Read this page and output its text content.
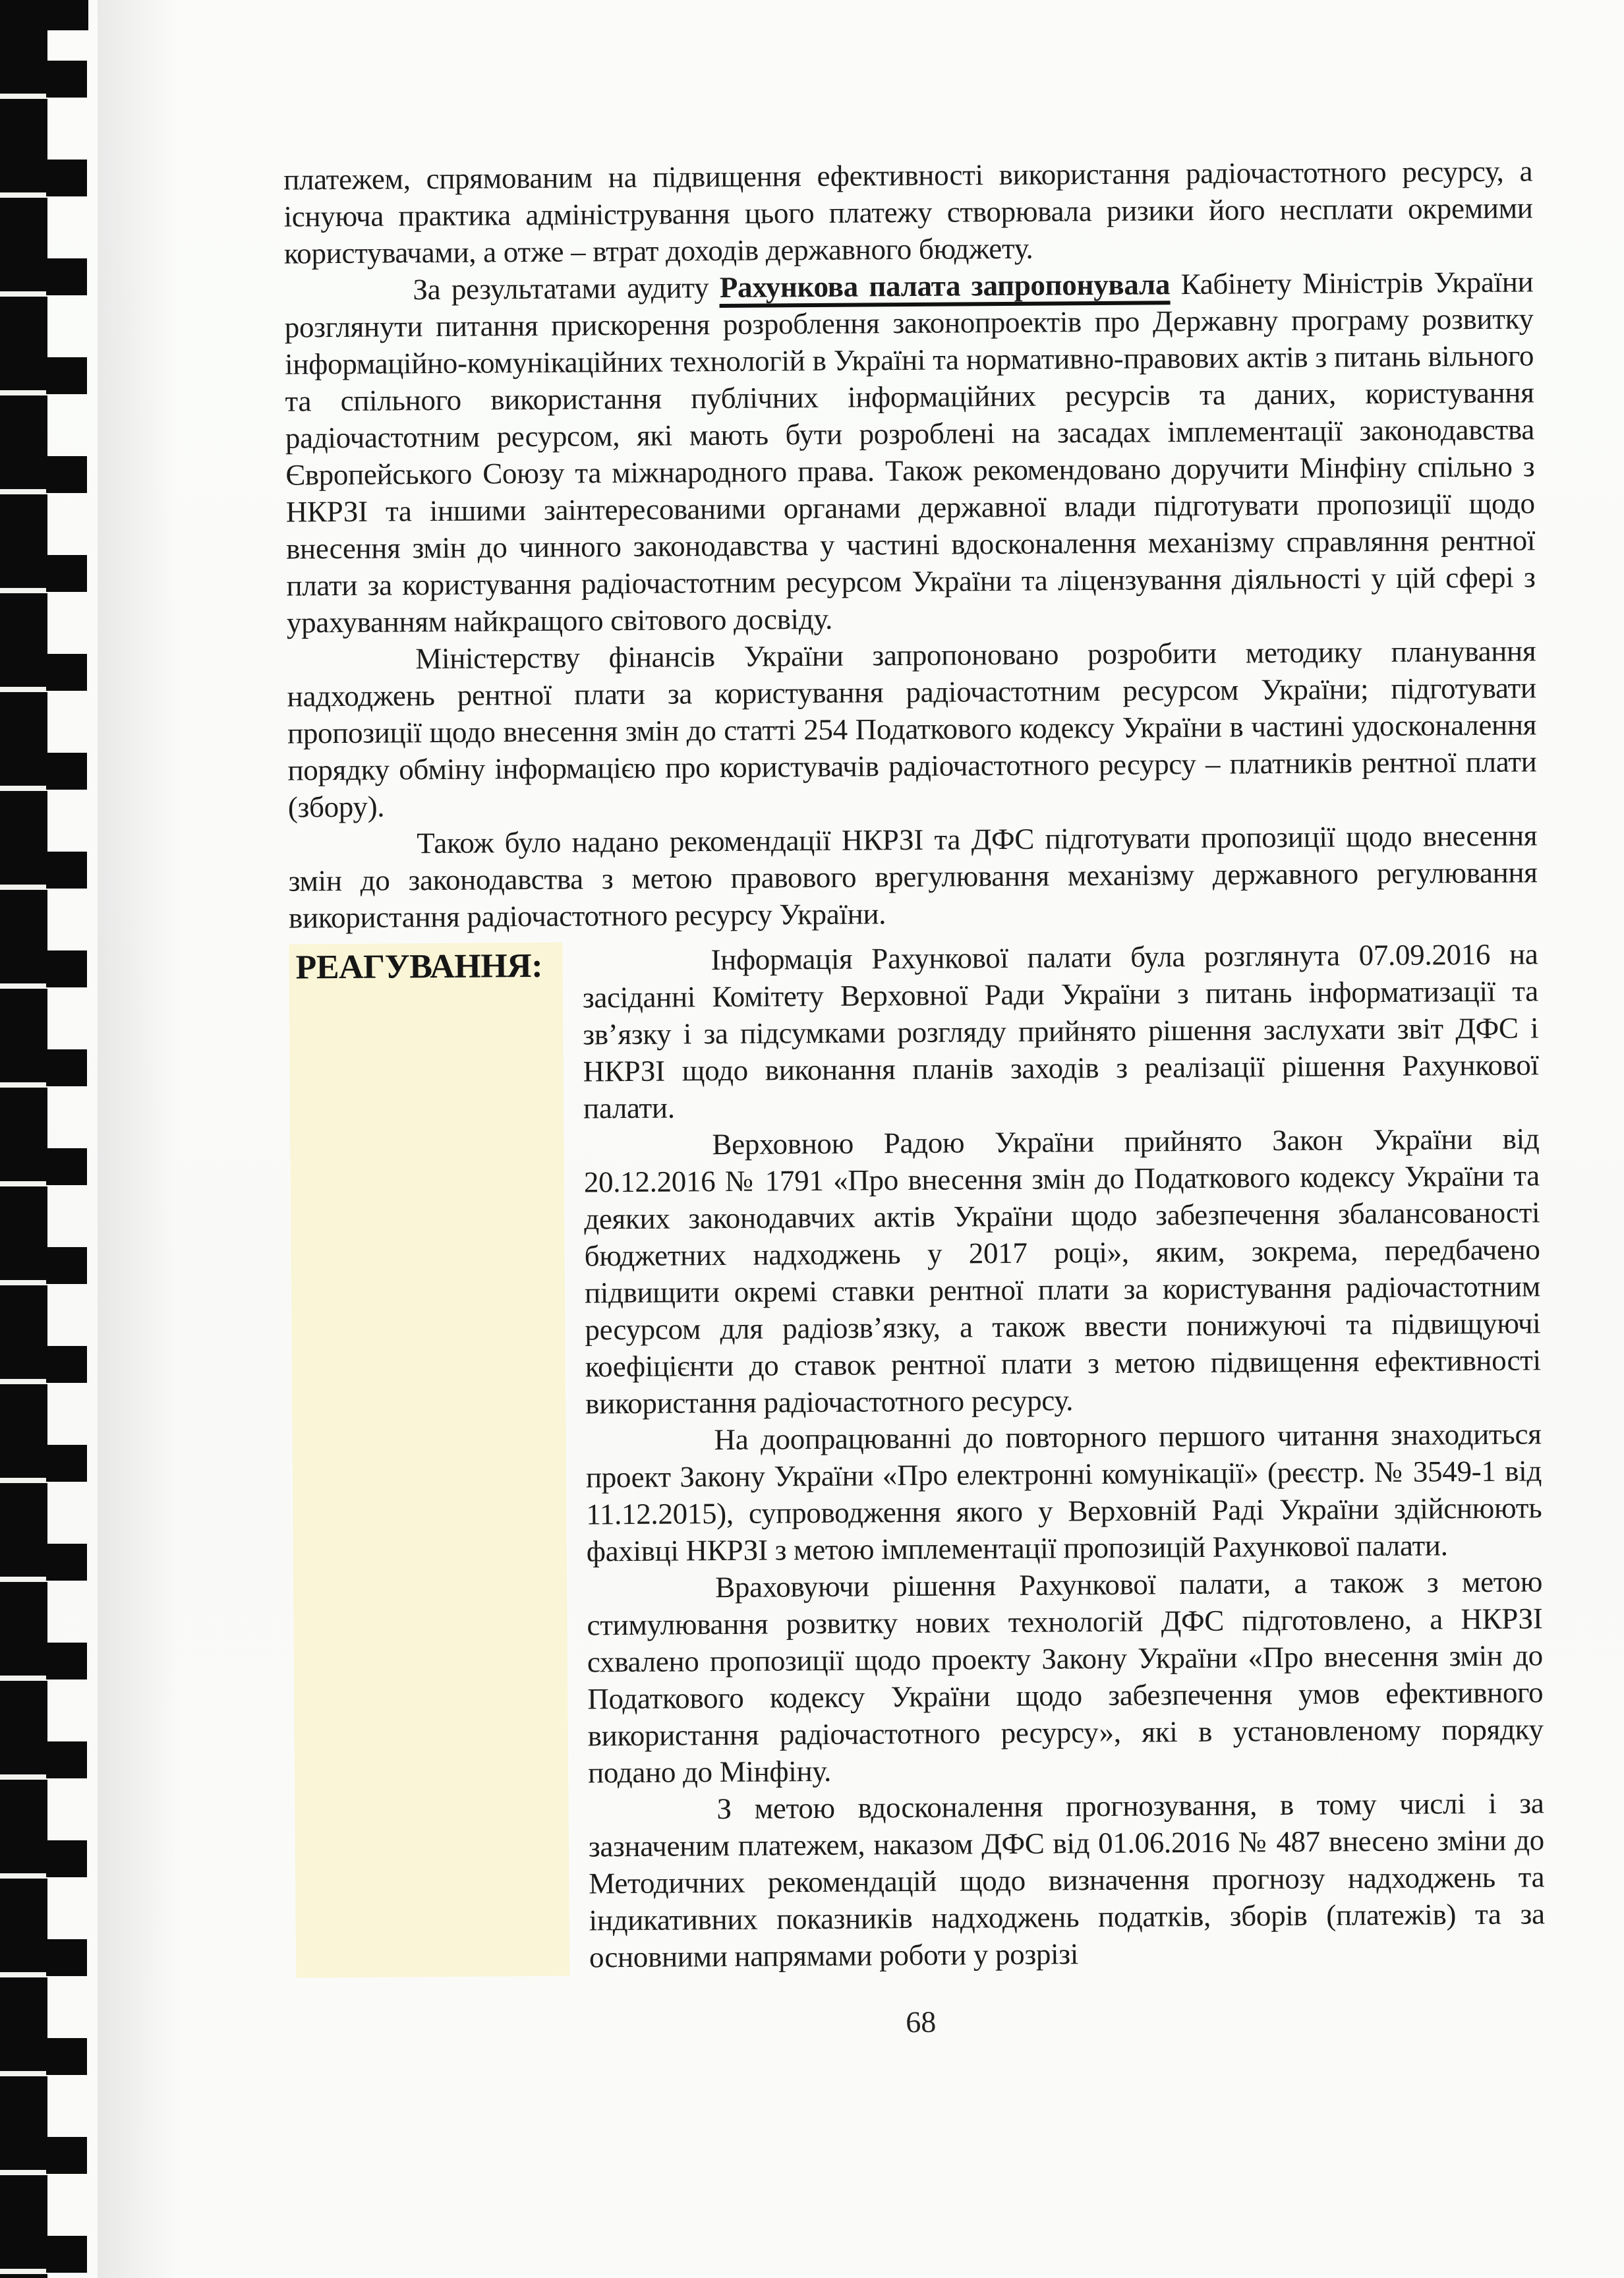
платежем, спрямованим на підвищення ефективності використання радіочастотного ресурсу, а існуюча практика адміністрування цього платежу створювала ризики його несплати окремими користувачами, а отже – втрат доходів державного бюджету.

За результатами аудиту Рахункова палата запропонувала Кабінету Міністрів України розглянути питання прискорення розроблення законопроектів про Державну програму розвитку інформаційно-комунікаційних технологій в Україні та нормативно-правових актів з питань вільного та спільного використання публічних інформаційних ресурсів та даних, користування радіочастотним ресурсом, які мають бути розроблені на засадах імплементації законодавства Європейського Союзу та міжнародного права. Також рекомендовано доручити Мінфіну спільно з НКРЗІ та іншими заінтересованими органами державної влади підготувати пропозиції щодо внесення змін до чинного законодавства у частині вдосконалення механізму справляння рентної плати за користування радіочастотним ресурсом України та ліцензування діяльності у цій сфері з урахуванням найкращого світового досвіду.

Міністерству фінансів України запропоновано розробити методику планування надходжень рентної плати за користування радіочастотним ресурсом України; підготувати пропозиції щодо внесення змін до статті 254 Податкового кодексу України в частині удосконалення порядку обміну інформацією про користувачів радіочастотного ресурсу – платників рентної плати (збору).

Також було надано рекомендації НКРЗІ та ДФС підготувати пропозиції щодо внесення змін до законодавства з метою правового врегулювання механізму державного регулювання використання радіочастотного ресурсу України.

РЕАГУВАННЯ:	Інформація Рахункової палати була розглянута 07.09.2016 на засіданні Комітету Верховної Ради України з питань інформатизації та зв’язку і за підсумками розгляду прийнято рішення заслухати звіт ДФС і НКРЗІ щодо виконання планів заходів з реалізації рішення Рахункової палати.

Верховною Радою України прийнято Закон України від 20.12.2016 № 1791 «Про внесення змін до Податкового кодексу України та деяких законодавчих актів України щодо забезпечення збалансованості бюджетних надходжень у 2017 році», яким, зокрема, передбачено підвищити окремі ставки рентної плати за користування радіочастотним ресурсом для радіозв’язку, а також ввести понижуючі та підвищуючі коефіцієнти до ставок рентної плати з метою підвищення ефективності використання радіочастотного ресурсу.

На доопрацюванні до повторного першого читання знаходиться проект Закону України «Про електронні комунікації» (реєстр. № 3549-1 від 11.12.2015), супроводження якого у Верховній Раді України здійснюють фахівці НКРЗІ з метою імплементації пропозицій Рахункової палати.

Враховуючи рішення Рахункової палати, а також з метою стимулювання розвитку нових технологій ДФС підготовлено, а НКРЗІ схвалено пропозиції щодо проекту Закону України «Про внесення змін до Податкового кодексу України щодо забезпечення умов ефективного використання радіочастотного ресурсу», які в установленому порядку подано до Мінфіну.

З метою вдосконалення прогнозування, в тому числі і за зазначеним платежем, наказом ДФС від 01.06.2016 № 487 внесено зміни до Методичних рекомендацій щодо визначення прогнозу надходжень та індикативних показників надходжень податків, зборів (платежів) та за основними напрямами роботи у розрізі

68
